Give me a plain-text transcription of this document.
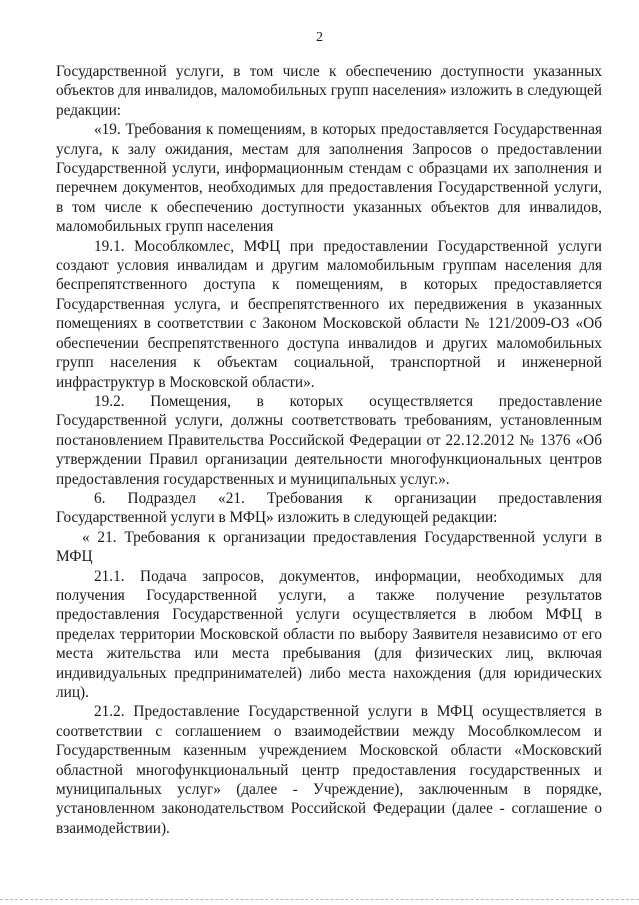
2

Государственной услуги, в том числе к обеспечению доступности указанных объектов для инвалидов, маломобильных групп населения» изложить в следующей редакции:

«19. Требования к помещениям, в которых предоставляется Государственная услуга, к залу ожидания, местам для заполнения Запросов о предоставлении Государственной услуги, информационным стендам с образцами их заполнения и перечнем документов, необходимых для предоставления Государственной услуги, в том числе к обеспечению доступности указанных объектов для инвалидов, маломобильных групп населения

19.1. Мособлкомлес, МФЦ при предоставлении Государственной услуги создают условия инвалидам и другим маломобильным группам населения для беспрепятственного доступа к помещениям, в которых предоставляется Государственная услуга, и беспрепятственного их передвижения в указанных помещениях в соответствии с Законом Московской области № 121/2009-ОЗ «Об обеспечении беспрепятственного доступа инвалидов и других маломобильных групп населения к объектам социальной, транспортной и инженерной инфраструктур в Московской области».

19.2. Помещения, в которых осуществляется предоставление Государственной услуги, должны соответствовать требованиям, установленным постановлением Правительства Российской Федерации от 22.12.2012 № 1376 «Об утверждении Правил организации деятельности многофункциональных центров предоставления государственных и муниципальных услуг.».

6. Подраздел «21. Требования к организации предоставления Государственной услуги в МФЦ» изложить в следующей редакции:

« 21. Требования к организации предоставления Государственной услуги в МФЦ

21.1. Подача запросов, документов, информации, необходимых для получения Государственной услуги, а также получение результатов предоставления Государственной услуги осуществляется в любом МФЦ в пределах территории Московской области по выбору Заявителя независимо от его места жительства или места пребывания (для физических лиц, включая индивидуальных предпринимателей) либо места нахождения (для юридических лиц).

21.2. Предоставление Государственной услуги в МФЦ осуществляется в соответствии с соглашением о взаимодействии между Мособлкомлесом и Государственным казенным учреждением Московской области «Московский областной многофункциональный центр предоставления государственных и муниципальных услуг» (далее - Учреждение), заключенным в порядке, установленном законодательством Российской Федерации (далее - соглашение о взаимодействии).
